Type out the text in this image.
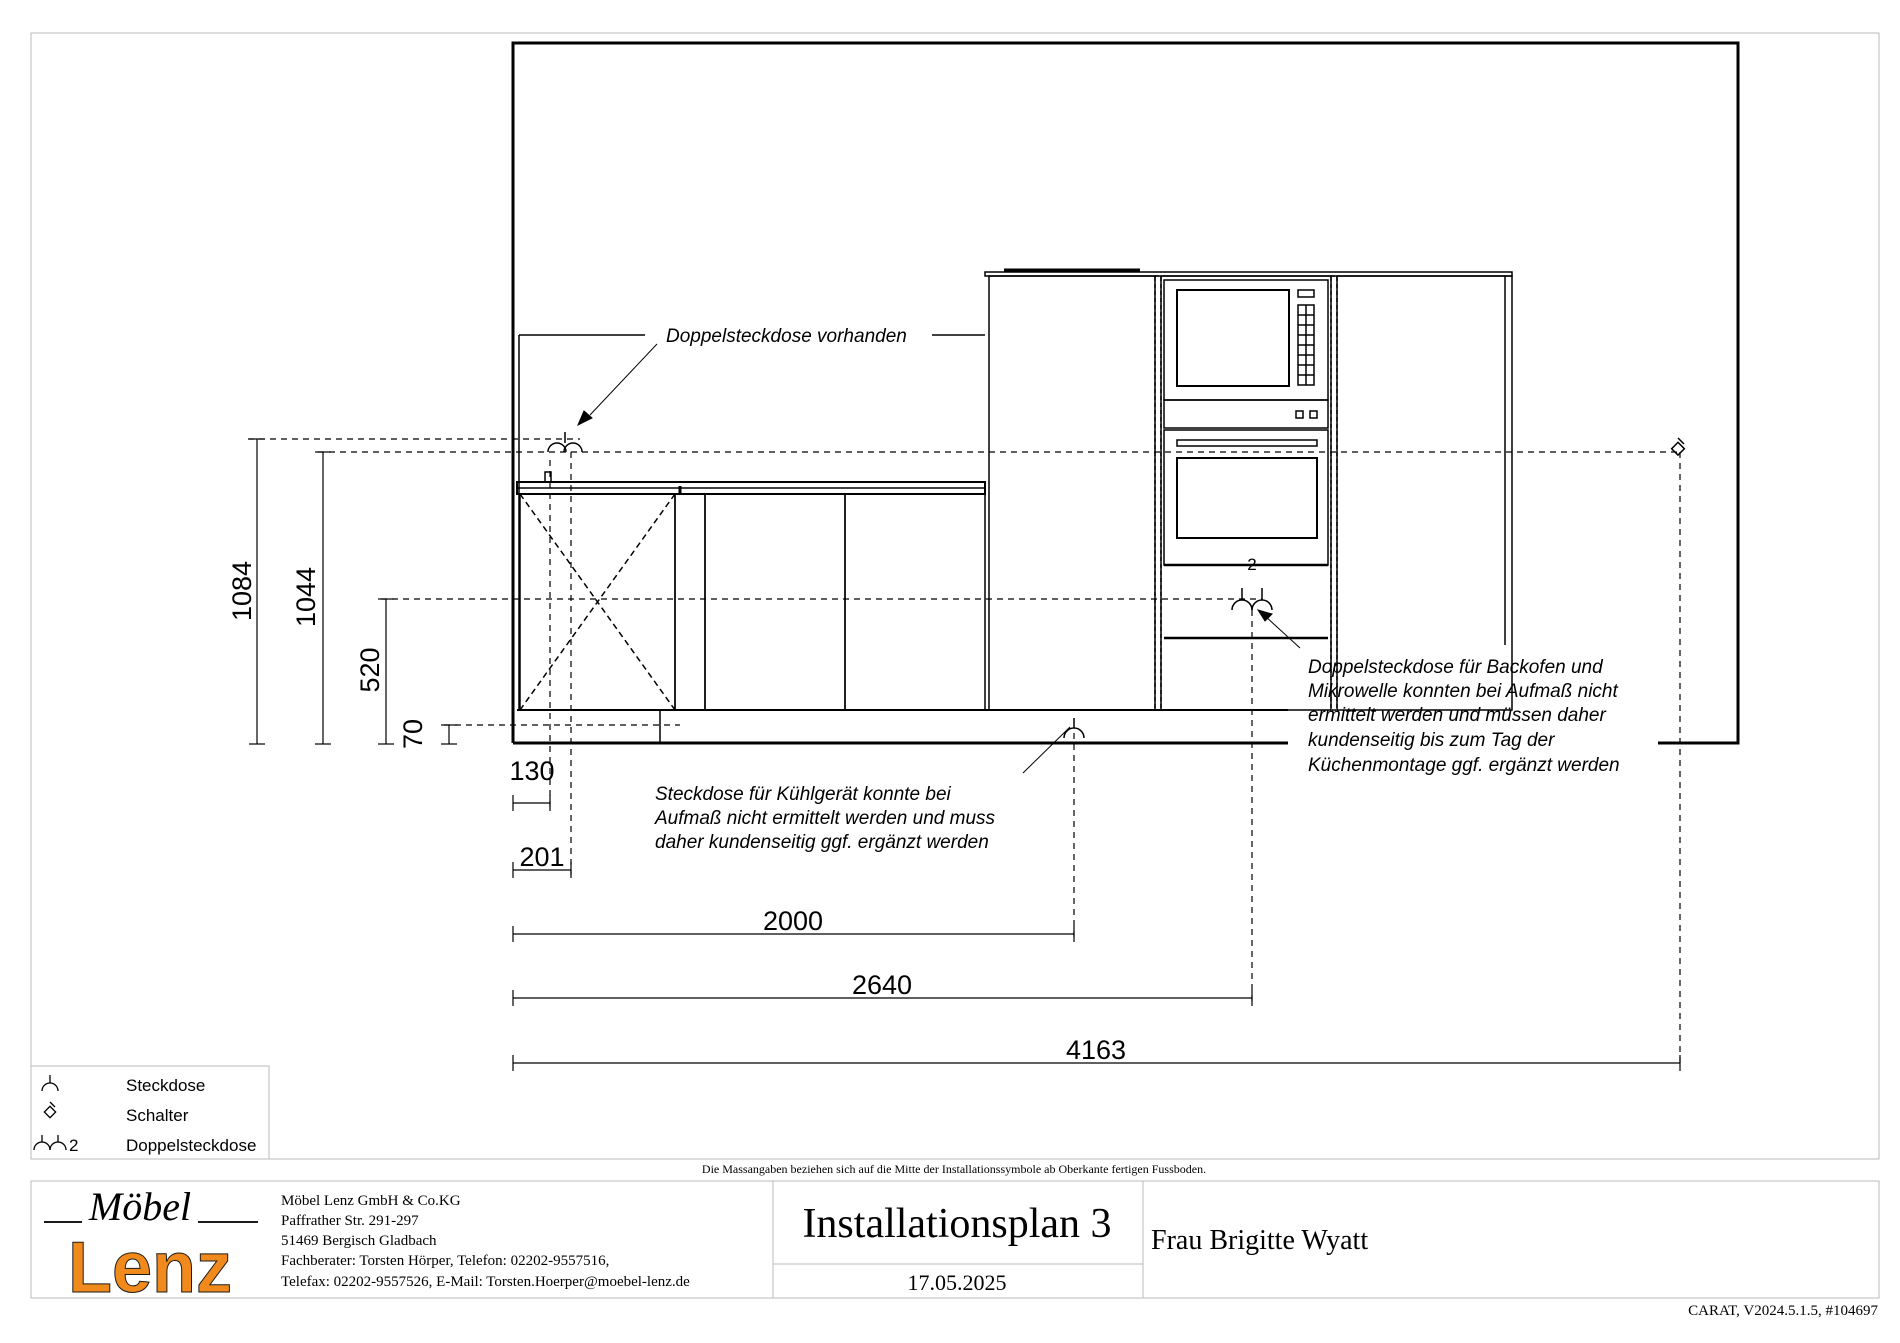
1084 1044
520
70
130
201
2000
2640
4163
2
Doppelsteckdose vorhanden
Steckdose für Kühlgerät konnte bei
Aufmaß nicht ermittelt werden und muss
daher kundenseitig ggf. ergänzt werden
Doppelsteckdose für Backofen und
Mikrowelle konnten bei Aufmaß nicht
ermittelt werden und müssen daher
kundenseitig bis zum Tag der
Küchenmontage ggf. ergänzt werden
Steckdose
Schalter
2	Doppelsteckdose
Die Massangaben beziehen sich auf die Mitte der Installationssymbole ab Oberkante fertigen Fussboden.
Möbel
Lenz
Möbel Lenz GmbH & Co.KG
Paffrather Str. 291-297
51469 Bergisch Gladbach
Fachberater: Torsten Hörper, Telefon: 02202-9557516,
Telefax: 02202-9557526, E-Mail: Torsten.Hoerper@moebel-lenz.de
Installationsplan 3
17.05.2025
Frau Brigitte Wyatt
CARAT, V2024.5.1.5, #104697
